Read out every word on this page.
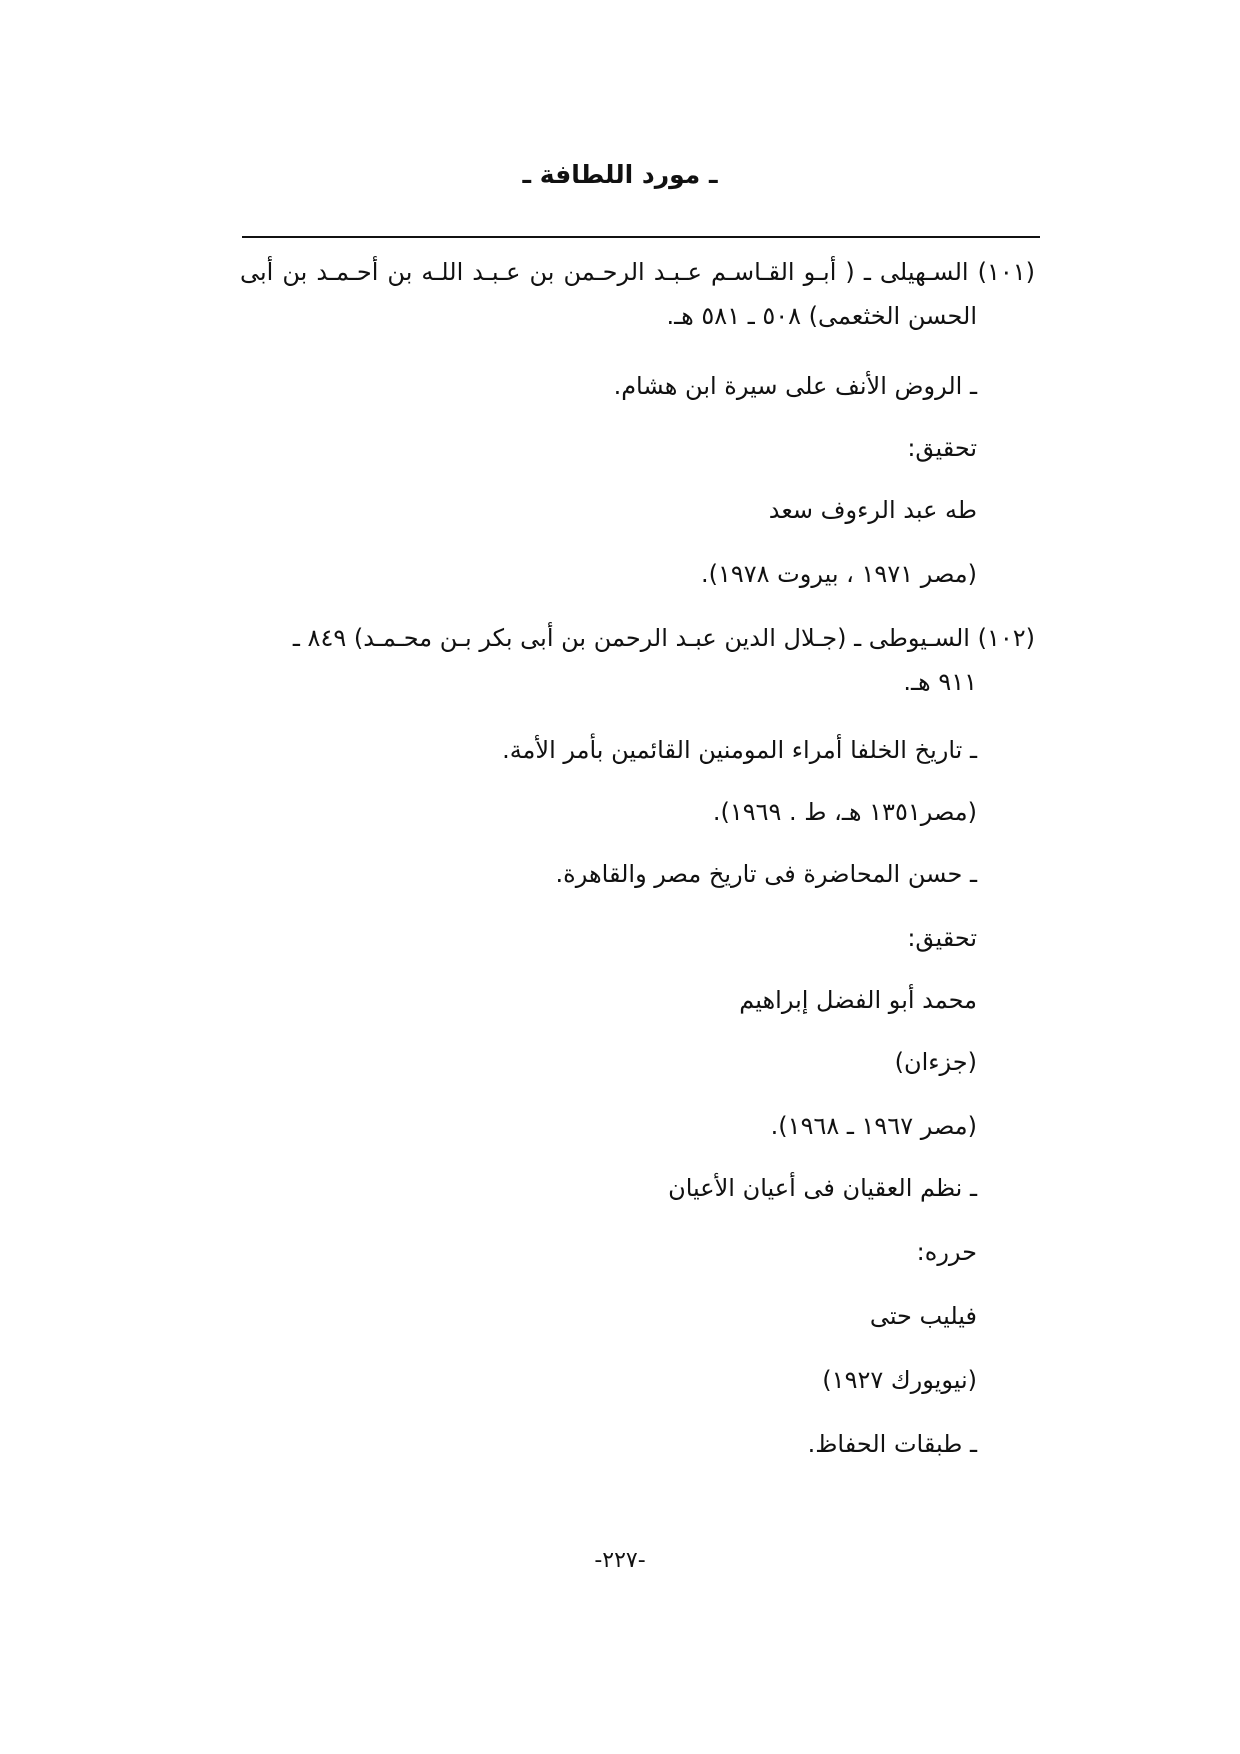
ـ مورد اللطافة ـ
(١٠١) السـهيلى ـ ( أبـو القـاسـم عـبـد الرحـمن بن عـبـد اللـه بن أحـمـد بن أبى
الحسن الخثعمى) ٥٠٨ ـ ٥٨١ هـ.
ـ الروض الأنف على سيرة ابن هشام.
تحقيق:
طه عبد الرءوف سعد
(مصر ١٩٧١ ، بيروت ١٩٧٨).
(١٠٢) السـيوطى ـ (جـلال الدين عبـد الرحمن بن أبى بكر بـن محـمـد) ٨٤٩ ـ
٩١١ هـ.
ـ تاريخ الخلفا أمراء المومنين القائمين بأمر الأمة.
(مصر١٣٥١ هـ، ط . ١٩٦٩).
ـ حسن المحاضرة فى تاريخ مصر والقاهرة.
تحقيق:
محمد أبو الفضل إبراهيم
(جزءان)
(مصر ١٩٦٧ ـ ١٩٦٨).
ـ نظم العقيان فى أعيان الأعيان
حرره:
فيليب حتى
(نيويورك ١٩٢٧)
ـ طبقات الحفاظ.
-٢٢٧-
